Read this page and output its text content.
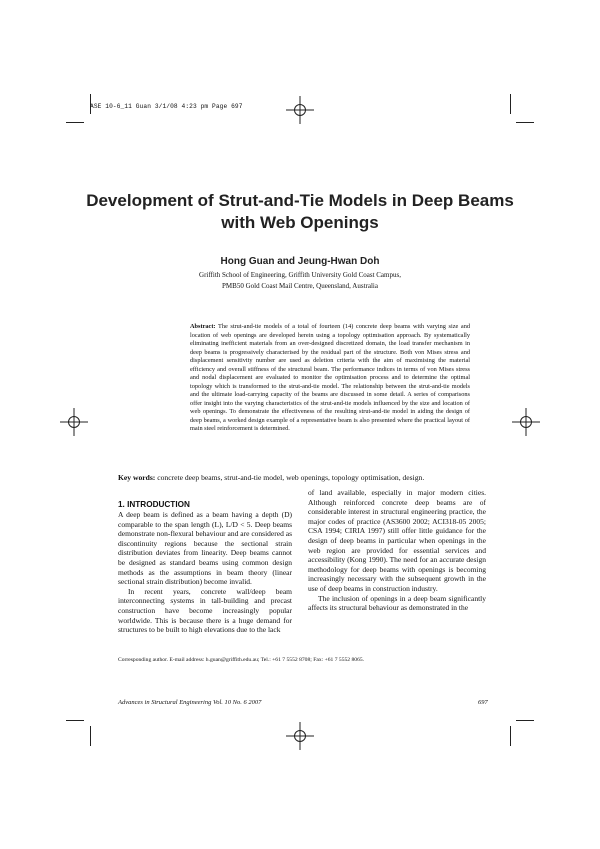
ASE 10-6_11 Guan 3/1/08 4:23 pm Page 697
Development of Strut-and-Tie Models in Deep Beams
with Web Openings
Hong Guan and Jeung-Hwan Doh
Griffith School of Engineering, Griffith University Gold Coast Campus,
PMB50 Gold Coast Mail Centre, Queensland, Australia
Abstract: The strut-and-tie models of a total of fourteen (14) concrete deep beams with varying size and location of web openings are developed herein using a topology optimisation approach. By systematically eliminating inefficient materials from an over-designed discretized domain, the load transfer mechanism in deep beams is progressively characterised by the residual part of the structure. Both von Mises stress and displacement sensitivity number are used as deletion criteria with the aim of maximising the material efficiency and overall stiffness of the structural beam. The performance indices in terms of von Mises stress and nodal displacement are evaluated to monitor the optimisation process and to determine the optimal topology which is transformed to the strut-and-tie model. The relationship between the strut-and-tie models and the ultimate load-carrying capacity of the beams are discussed in some detail. A series of comparisons offer insight into the varying characteristics of the strut-and-tie models influenced by the size and location of web openings. To demonstrate the effectiveness of the resulting strut-and-tie model in aiding the design of deep beams, a worked design example of a representative beam is also presented where the practical layout of main steel reinforcement is determined.
Key words: concrete deep beams, strut-and-tie model, web openings, topology optimisation, design.
1. INTRODUCTION

A deep beam is defined as a beam having a depth (D) comparable to the span length (L), L/D < 5. Deep beams demonstrate non-flexural behaviour and are considered as discontinuity regions because the sectional strain distribution deviates from linearity. Deep beams cannot be designed as standard beams using common design methods as the assumptions in beam theory (linear sectional strain distribution) become invalid.

In recent years, concrete wall/deep beam interconnecting systems in tall-building and precast construction have become increasingly popular worldwide. This is because there is a huge demand for structures to be built to high elevations due to the lack

of land available, especially in major modern cities. Although reinforced concrete deep beams are of considerable interest in structural engineering practice, the major codes of practice (AS3600 2002; ACI318-05 2005; CSA 1994; CIRIA 1997) still offer little guidance for the design of deep beams in particular when openings in the web region are provided for essential services and accessibility (Kong 1990). The need for an accurate design methodology for deep beams with openings is becoming increasingly necessary with the subsequent growth in the use of deep beams in construction industry.

The inclusion of openings in a deep beam significantly affects its structural behaviour as demonstrated in the

Corresponding author. E-mail address: h.guan@griffith.edu.au; Tel.: +61 7 5552 8708; Fax: +61 7 5552 8065.
Advances in Structural Engineering Vol. 10 No. 6 2007	697
